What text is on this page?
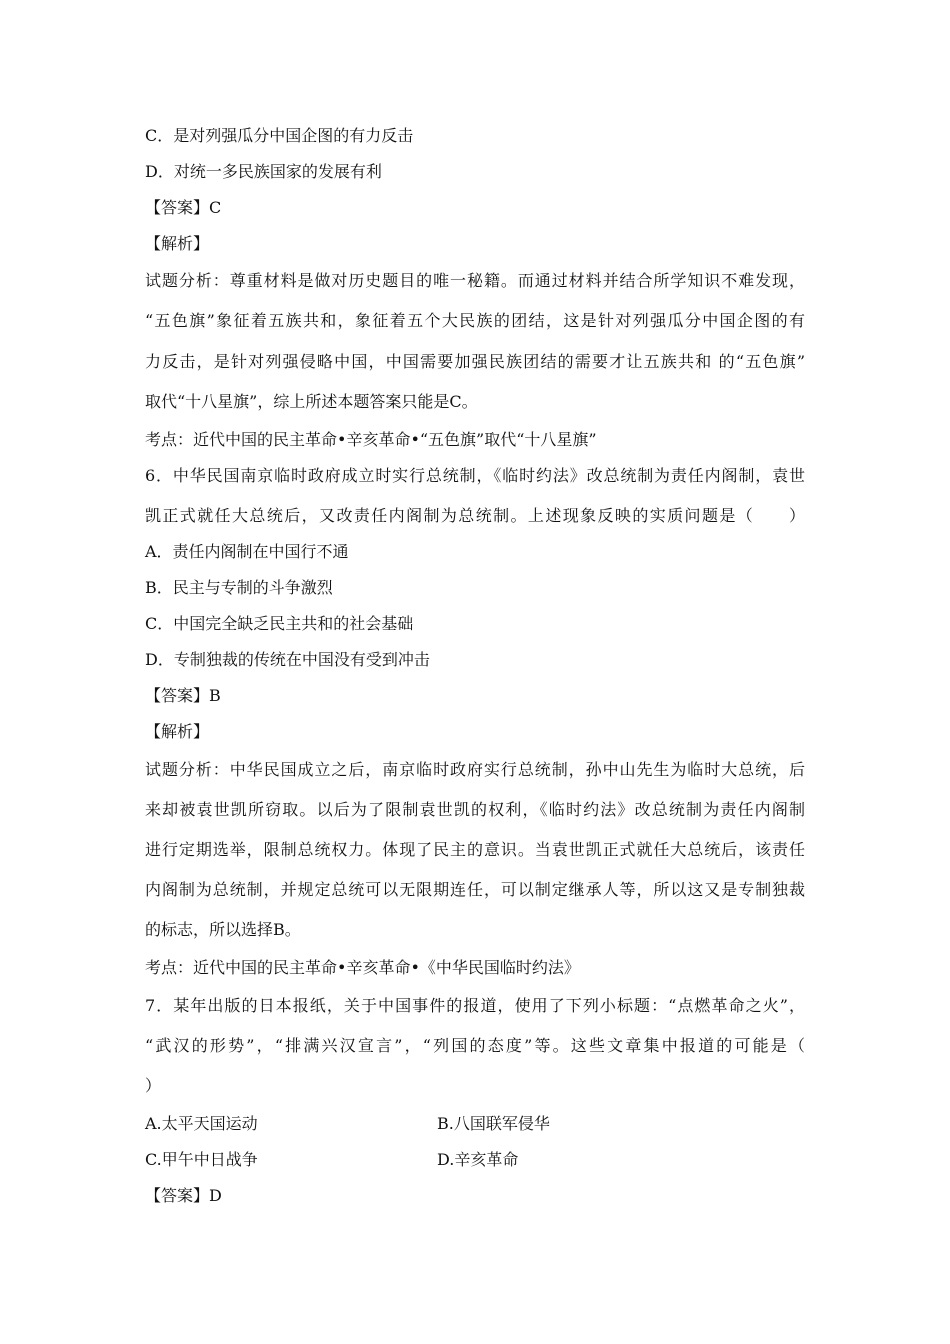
C．是对列强瓜分中国企图的有力反击
D．对统一多民族国家的发展有利
【答案】C
【解析】
试题分析：尊重材料是做对历史题目的唯一秘籍。而通过材料并结合所学知识不难发现，
“五色旗”象征着五族共和，象征着五个大民族的团结，这是针对列强瓜分中国企图的有
力反击，是针对列强侵略中国，中国需要加强民族团结的需要才让五族共和 的“五色旗”
取代“十八星旗”，综上所述本题答案只能是C。
考点：近代中国的民主革命•辛亥革命•“五色旗”取代“十八星旗”
6．中华民国南京临时政府成立时实行总统制，《临时约法》改总统制为责任内阁制，袁世
凯正式就任大总统后，又改责任内阁制为总统制。上述现象反映的实质问题是（　　）
A．责任内阁制在中国行不通
B．民主与专制的斗争激烈
C．中国完全缺乏民主共和的社会基础
D．专制独裁的传统在中国没有受到冲击
【答案】B
【解析】
试题分析：中华民国成立之后，南京临时政府实行总统制，孙中山先生为临时大总统，后
来却被袁世凯所窃取。以后为了限制袁世凯的权利，《临时约法》改总统制为责任内阁制
进行定期选举，限制总统权力。体现了民主的意识。当袁世凯正式就任大总统后，该责任
内阁制为总统制，并规定总统可以无限期连任，可以制定继承人等，所以这又是专制独裁
的标志，所以选择B。
考点：近代中国的民主革命•辛亥革命•《中华民国临时约法》
7．某年出版的日本报纸，关于中国事件的报道，使用了下列小标题：“点燃革命之火”，
“武汉的形势”，“排满兴汉宣言”，“列国的态度”等。这些文章集中报道的可能是（
）
A.太平天国运动	B.八国联军侵华
C.甲午中日战争	D.辛亥革命
【答案】D
